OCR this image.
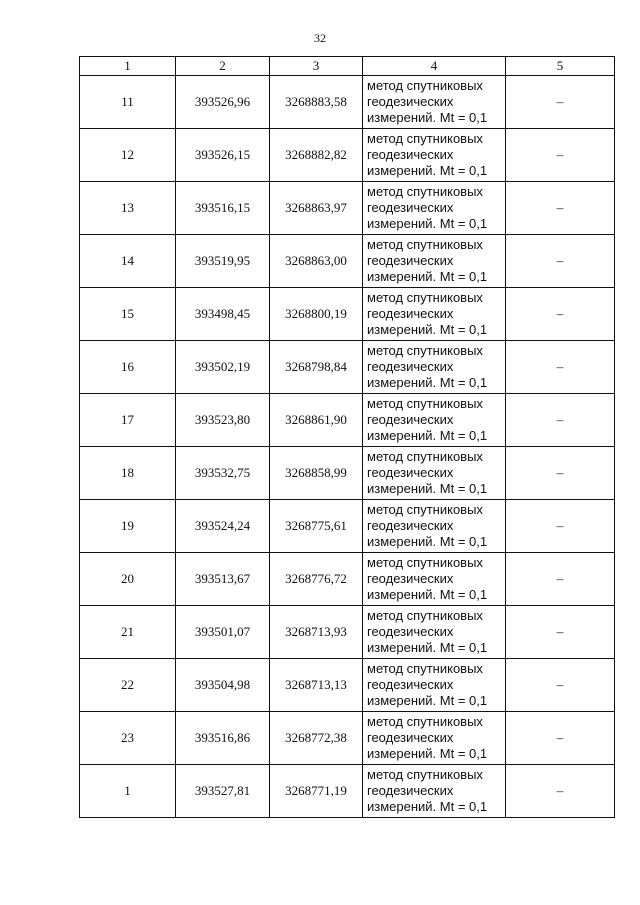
32
1	2	3	4	5
11	393526,96	3268883,58	метод спутниковых
геодезических
измерений. Mt = 0,1	–
12	393526,15	3268882,82	метод спутниковых
геодезических
измерений. Mt = 0,1	–
13	393516,15	3268863,97	метод спутниковых
геодезических
измерений. Mt = 0,1	–
14	393519,95	3268863,00	метод спутниковых
геодезических
измерений. Mt = 0,1	–
15	393498,45	3268800,19	метод спутниковых
геодезических
измерений. Mt = 0,1	–
16	393502,19	3268798,84	метод спутниковых
геодезических
измерений. Mt = 0,1	–
17	393523,80	3268861,90	метод спутниковых
геодезических
измерений. Mt = 0,1	–
18	393532,75	3268858,99	метод спутниковых
геодезических
измерений. Mt = 0,1	–
19	393524,24	3268775,61	метод спутниковых
геодезических
измерений. Mt = 0,1	–
20	393513,67	3268776,72	метод спутниковых
геодезических
измерений. Mt = 0,1	–
21	393501,07	3268713,93	метод спутниковых
геодезических
измерений. Mt = 0,1	–
22	393504,98	3268713,13	метод спутниковых
геодезических
измерений. Mt = 0,1	–
23	393516,86	3268772,38	метод спутниковых
геодезических
измерений. Mt = 0,1	–
1	393527,81	3268771,19	метод спутниковых
геодезических
измерений. Mt = 0,1	–
